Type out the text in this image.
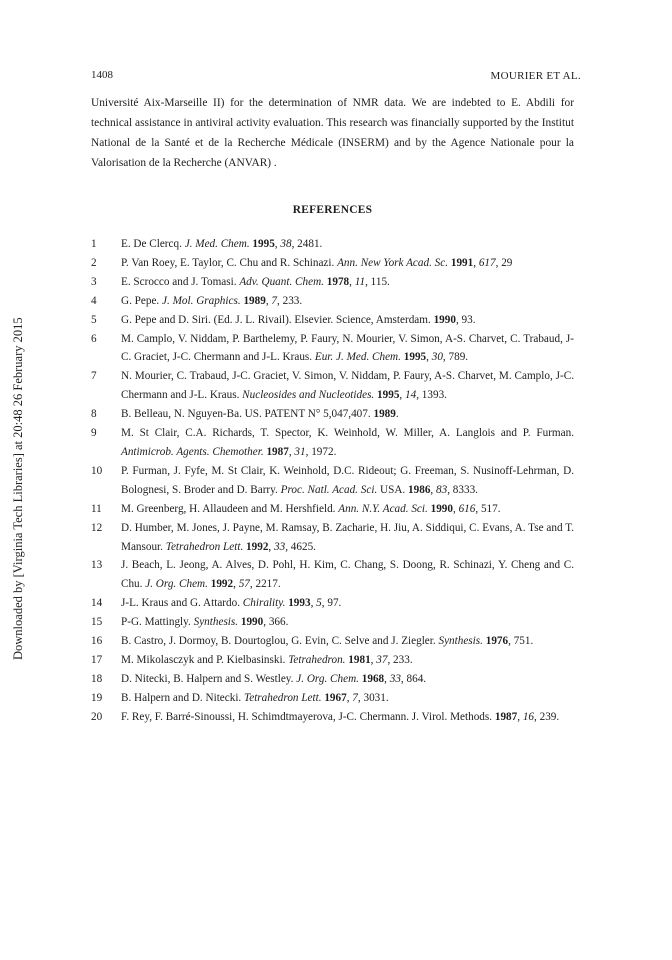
1408	MOURIER ET AL.
Downloaded by [Virginia Tech Libraries] at 20:48 26 February 2015

Université Aix-Marseille II) for the determination of NMR data. We are indebted to E. Abdili for technical assistance in antiviral activity evaluation. This research was financially supported by the Institut National de la Santé et de la Recherche Médicale (INSERM) and by the Agence Nationale pour la Valorisation de la Recherche (ANVAR) .

REFERENCES
1	E. De Clercq. J. Med. Chem. 1995, 38, 2481.
2	P. Van Roey, E. Taylor, C. Chu and R. Schinazi. Ann. New York Acad. Sc. 1991, 617, 29
3	E. Scrocco and J. Tomasi. Adv. Quant. Chem. 1978, 11, 115.
4	G. Pepe. J. Mol. Graphics. 1989, 7, 233.
5	G. Pepe and D. Siri. (Ed. J. L. Rivail). Elsevier. Science, Amsterdam. 1990, 93.
6	M. Camplo, V. Niddam, P. Barthelemy, P. Faury, N. Mourier, V. Simon, A-S. Charvet, C. Trabaud, J-C. Graciet, J-C. Chermann and J-L. Kraus. Eur. J. Med. Chem. 1995, 30, 789.
7	N. Mourier, C. Trabaud, J-C. Graciet, V. Simon, V. Niddam, P. Faury, A-S. Charvet, M. Camplo, J-C. Chermann and J-L. Kraus. Nucleosides and Nucleotides. 1995, 14, 1393.
8	B. Belleau, N. Nguyen-Ba. US. PATENT N° 5,047,407. 1989.
9	M. St Clair, C.A. Richards, T. Spector, K. Weinhold, W. Miller, A. Langlois and P. Furman. Antimicrob. Agents. Chemother. 1987, 31, 1972.
10	P. Furman, J. Fyfe, M. St Clair, K. Weinhold, D.C. Rideout; G. Freeman, S. Nusinoff-Lehrman, D. Bolognesi, S. Broder and D. Barry. Proc. Natl. Acad. Sci. USA. 1986, 83, 8333.
11	M. Greenberg, H. Allaudeen and M. Hershfield. Ann. N.Y. Acad. Sci. 1990, 616, 517.
12	D. Humber, M. Jones, J. Payne, M. Ramsay, B. Zacharie, H. Jiu, A. Siddiqui, C. Evans, A. Tse and T. Mansour. Tetrahedron Lett. 1992, 33, 4625.
13	J. Beach, L. Jeong, A. Alves, D. Pohl, H. Kim, C. Chang, S. Doong, R. Schinazi, Y. Cheng and C. Chu. J. Org. Chem. 1992, 57, 2217.
14	J-L. Kraus and G. Attardo. Chirality. 1993, 5, 97.
15	P-G. Mattingly. Synthesis. 1990, 366.
16	B. Castro, J. Dormoy, B. Dourtoglou, G. Evin, C. Selve and J. Ziegler. Synthesis. 1976, 751.
17	M. Mikolasczyk and P. Kielbasinski. Tetrahedron. 1981, 37, 233.
18	D. Nitecki, B. Halpern and S. Westley. J. Org. Chem. 1968, 33, 864.
19	B. Halpern and D. Nitecki. Tetrahedron Lett. 1967, 7, 3031.
20	F. Rey, F. Barré-Sinoussi, H. Schimdtmayerova, J-C. Chermann. J. Virol. Methods. 1987, 16, 239.
